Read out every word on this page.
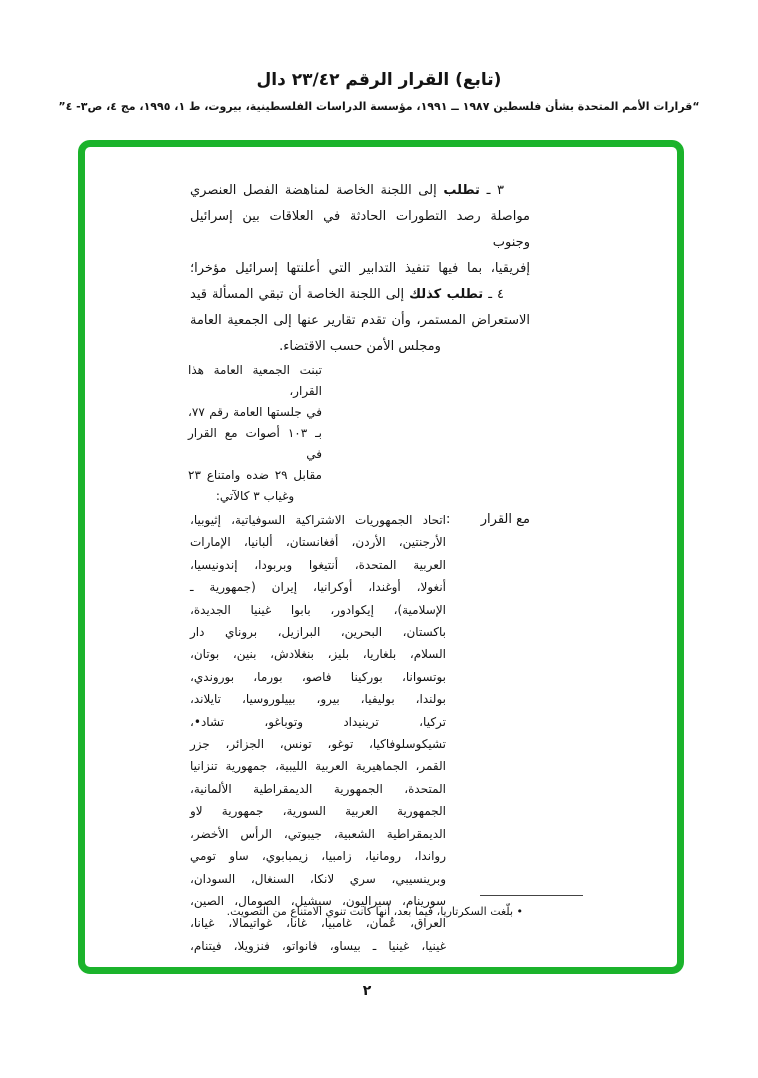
(تابع) القرار الرقم ٢٣/٤٢ دال
“قرارات الأمم المتحدة بشأن فلسطين ١٩٨٧ ــ ١٩٩١، مؤسسة الدراسات الفلسطينية، بيروت، ط ١، ١٩٩٥، مج ٤، ص٣- ٤”
٣ ـ تطلب إلى اللجنة الخاصة لمناهضة الفصل العنصري
مواصلة رصد التطورات الحادثة في العلاقات بين إسرائيل وجنوب
إفريقيا، بما فيها تنفيذ التدابير التي أعلنتها إسرائيل مؤخرا؛
٤ ـ تطلب كذلك إلى اللجنة الخاصة أن تبقي المسألة قيد
الاستعراض المستمر، وأن تقدم تقارير عنها إلى الجمعية العامة
ومجلس الأمن حسب الاقتضاء.
تبنت الجمعية العامة هذا القرار،
في جلستها العامة رقم ٧٧،
بـ ١٠٣ أصوات مع القرار في
مقابل ٢٩ ضده وامتناع ٢٣
وغياب ٣ كالآتي:
مع القرار
:
اتحاد الجمهوريات الاشتراكية السوفياتية، إثيوبيا،
الأرجنتين، الأردن، أفغانستان، ألبانيا، الإمارات
العربية المتحدة، أنتيغوا وبربودا، إندونيسيا،
أنغولا، أوغندا، أوكرانيا، إيران (جمهورية ـ
الإسلامية)، إيكوادور، بابوا غينيا الجديدة،
باكستان، البحرين، البرازيل، بروناي دار
السلام، بلغاريا، بليز، بنغلادش، بنين، بوتان،
بوتسوانا، بوركينا فاصو، بورما، بوروندي،
بولندا، بوليفيا، بيرو، بييلوروسيا، تايلاند،
تركيا، ترينيداد وتوباغو، تشاد•،
تشيكوسلوفاكيا، توغو، تونس، الجزائر، جزر
القمر، الجماهيرية العربية الليبية، جمهورية تنزانيا
المتحدة، الجمهورية الديمقراطية الألمانية،
الجمهورية العربية السورية، جمهورية لاو
الديمقراطية الشعبية، جيبوتي، الرأس الأخضر،
رواندا، رومانيا، زامبيا، زيمبابوي، ساو تومي
وبرينسيبي، سري لانكا، السنغال، السودان،
سورينام، سيراليون، سيشيل، الصومال، الصين،
العراق، عُمان، غامبيا، غانا، غواتيمالا، غيانا،
غينيا، غينيا ـ بيساو، فانواتو، فنزويلا، فيتنام،
• بلّغت السكرتاريا، فيما بعد، أنها كانت تنوي الامتناع من التصويت.
٢
